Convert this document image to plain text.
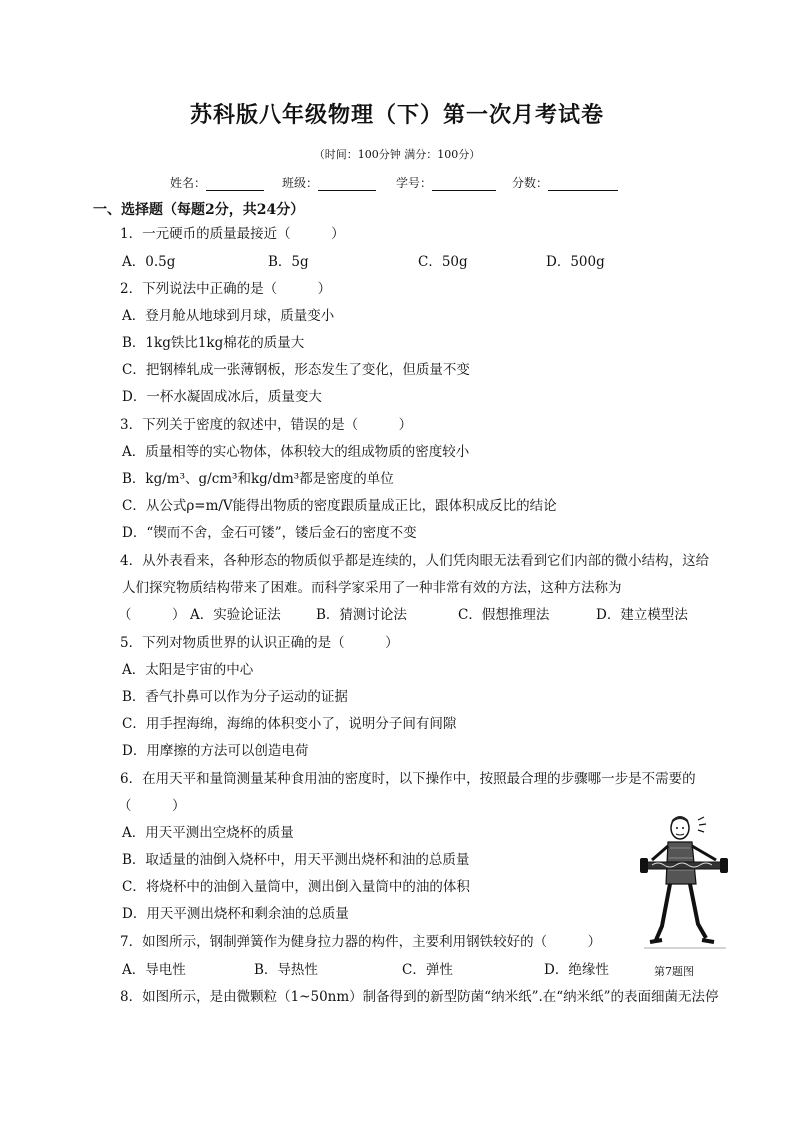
苏科版八年级物理（下）第一次月考试卷
（时间：100分钟 满分：100分）
姓名：	班级：	学号：	分数：
一、选择题（每题2分，共24分）
1．一元硬币的质量最接近（　　　）
A．0.5g	B．5g	C．50g	D．500g
2．下列说法中正确的是（　　　）
A．登月舱从地球到月球，质量变小
B．1kg铁比1kg棉花的质量大
C．把钢棒轧成一张薄钢板，形态发生了变化，但质量不变
D．一杯水凝固成冰后，质量变大
3．下列关于密度的叙述中，错误的是（　　　）
A．质量相等的实心物体，体积较大的组成物质的密度较小
B．kg/m³、g/cm³和kg/dm³都是密度的单位
C．从公式ρ=m/V能得出物质的密度跟质量成正比，跟体积成反比的结论
D．“锲而不舍，金石可镂”，镂后金石的密度不变
4．从外表看来，各种形态的物质似乎都是连续的，人们凭肉眼无法看到它们内部的微小结构，这给
人们探究物质结构带来了困难。而科学家采用了一种非常有效的方法，这种方法称为
（　　　） A．实验论证法	B．猜测讨论法	C．假想推理法	D．建立模型法
5．下列对物质世界的认识正确的是（　　　）
A．太阳是宇宙的中心
B．香气扑鼻可以作为分子运动的证据
C．用手捏海绵，海绵的体积变小了，说明分子间有间隙
D．用摩擦的方法可以创造电荷
6．在用天平和量筒测量某种食用油的密度时，以下操作中，按照最合理的步骤哪一步是不需要的
（　　　）
A．用天平测出空烧杯的质量
B．取适量的油倒入烧杯中，用天平测出烧杯和油的总质量
C．将烧杯中的油倒入量筒中，测出倒入量筒中的油的体积
D．用天平测出烧杯和剩余油的总质量
7．如图所示，钢制弹簧作为健身拉力器的构件，主要利用钢铁较好的（　　　）
A．导电性	B．导热性	C．弹性	D．绝缘性	第7题图
8．如图所示，是由微颗粒（1~50nm）制备得到的新型防菌“纳米纸”.在“纳米纸”的表面细菌无法停
